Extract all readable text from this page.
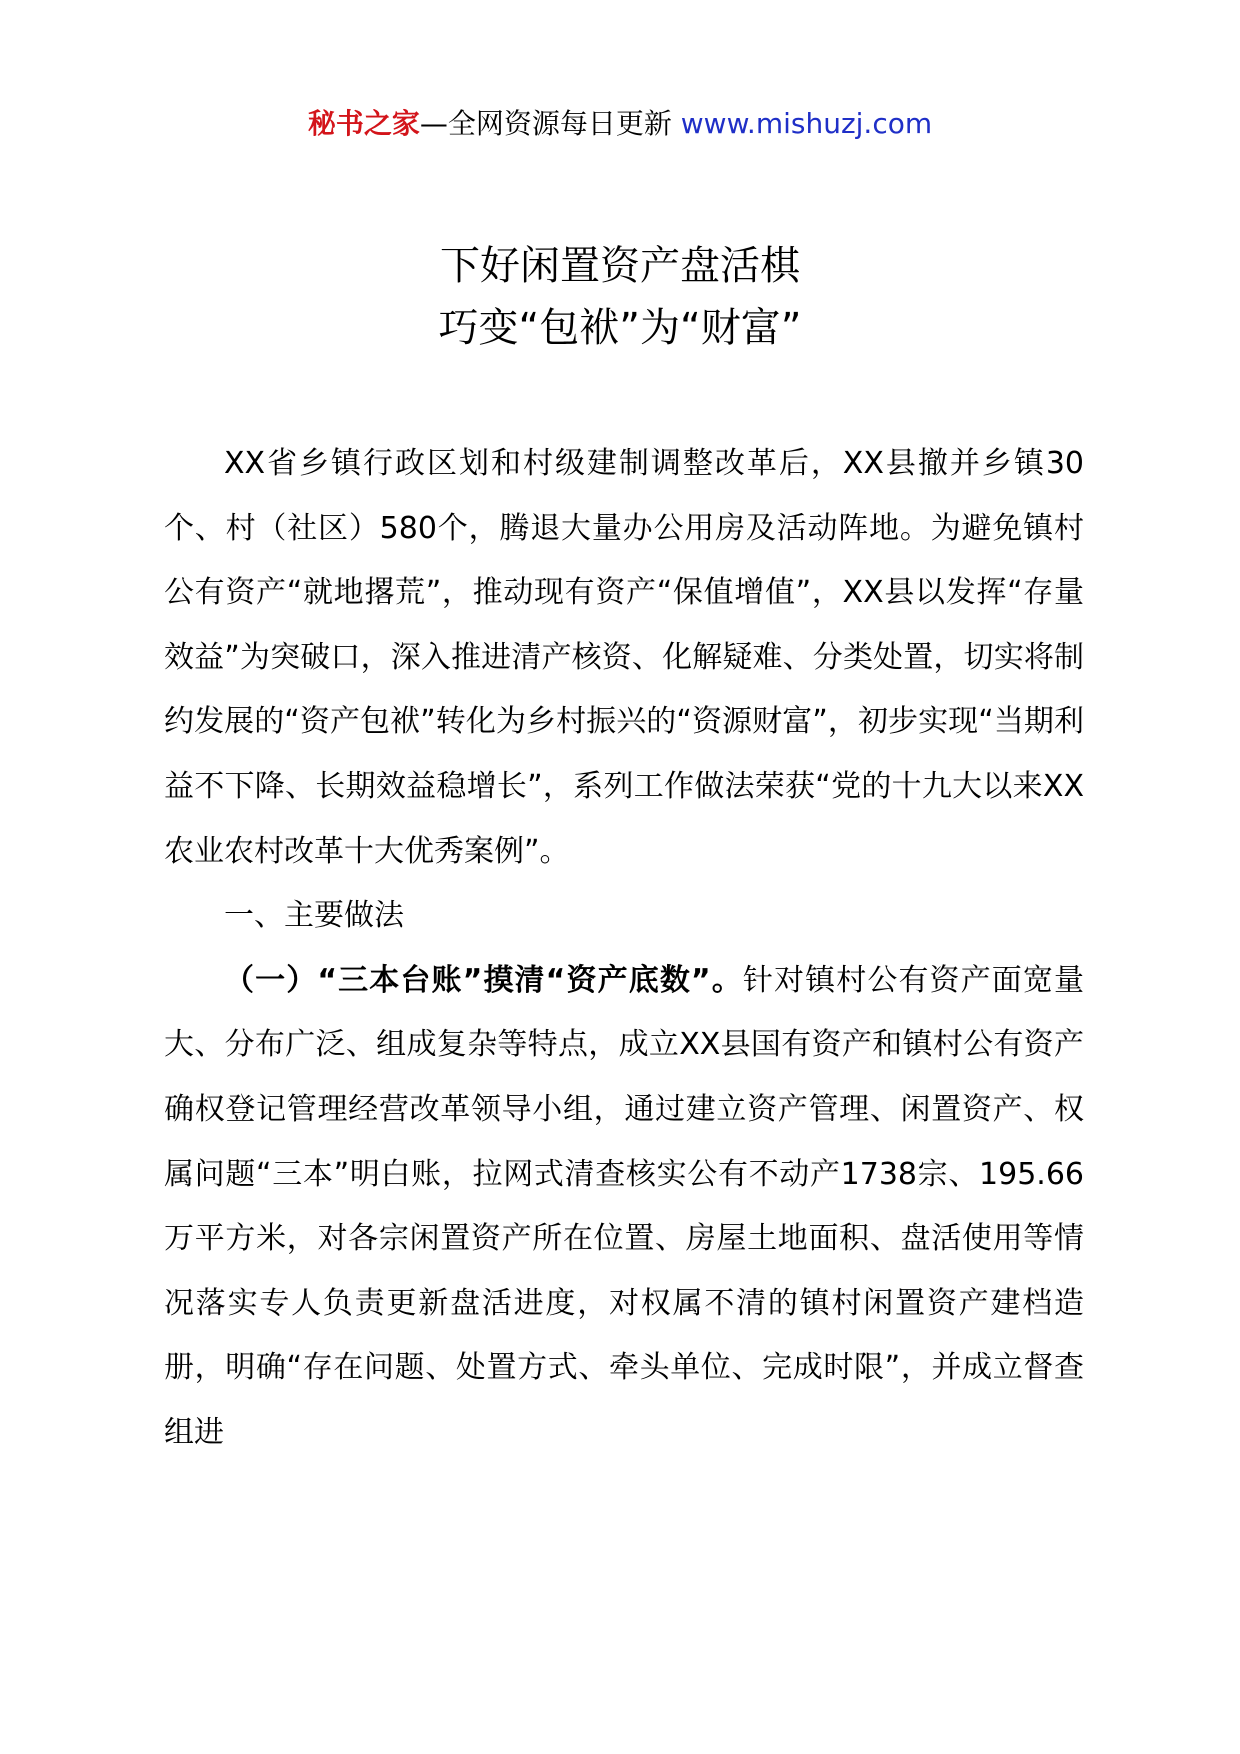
秘书之家—全网资源每日更新 www.mishuzj.com
下好闲置资产盘活棋
巧变“包袱”为“财富”

XX省乡镇行政区划和村级建制调整改革后，XX县撤并乡镇30个、村（社区）580个，腾退大量办公用房及活动阵地。为避免镇村公有资产“就地撂荒”，推动现有资产“保值增值”，XX县以发挥“存量效益”为突破口，深入推进清产核资、化解疑难、分类处置，切实将制约发展的“资产包袱”转化为乡村振兴的“资源财富”，初步实现“当期利益不下降、长期效益稳增长”，系列工作做法荣获“党的十九大以来XX农业农村改革十大优秀案例”。

一、主要做法

（一）“三本台账”摸清“资产底数”。针对镇村公有资产面宽量大、分布广泛、组成复杂等特点，成立XX县国有资产和镇村公有资产确权登记管理经营改革领导小组，通过建立资产管理、闲置资产、权属问题“三本”明白账，拉网式清查核实公有不动产1738宗、195.66万平方米，对各宗闲置资产所在位置、房屋土地面积、盘活使用等情况落实专人负责更新盘活进度，对权属不清的镇村闲置资产建档造册，明确“存在问题、处置方式、牵头单位、完成时限”，并成立督查组进
